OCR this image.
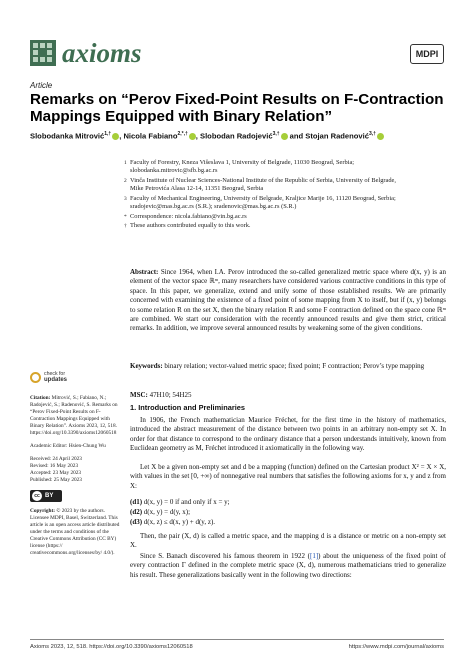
axioms	MDPI
Article
Remarks on “Perov Fixed-Point Results on F-Contraction Mappings Equipped with Binary Relation”
Slobodanka Mitrović$^{1,\dagger}$ , Nicola Fabiano$^{2,*,\dagger}$ , Slobodan Radojević$^{3,\dagger}$ and Stojan Radenović$^{3,\dagger}$
1 Faculty of Forestry, Kneza Višeslava 1, University of Belgrade, 11030 Beograd, Serbia;
slobodanka.mitrovic@sfb.bg.ac.rs
2 Vinča Institute of Nuclear Sciences-National Institute of the Republic of Serbia, University of Belgrade,
Mike Petrovića Alasa 12-14, 11351 Beograd, Serbia
3 Faculty of Mechanical Engineering, University of Belgrade, Kraljice Marije 16, 11120 Beograd, Serbia;
sradojevic@mas.bg.ac.rs (S.R.); sradenovic@mas.bg.ac.rs (S.R.)
* Correspondence: nicola.fabiano@vin.bg.ac.rs
† These authors contributed equally to this work.
Abstract: Since 1964, when I.A. Perov introduced the so-called generalized metric space where d(x, y) is an element of the vector space ℝᵐ, many researchers have considered various contractive conditions in this type of space. In this paper, we generalize, extend and unify some of those established results. We are primarily concerned with examining the existence of a fixed point of some mapping from X to itself, but if (x, y) belongs to some relation R on the set X, then the binary relation R and some F contraction defined on the space cone ℝᵐ are combined. We start our consideration with the recently announced results and give them strict, critical remarks. In addition, we improve several announced results by weakening some of the given conditions.
Keywords: binary relation; vector-valued metric space; fixed point; F contraction; Perov’s type mapping
MSC: 47H10; 54H25
check for
updates
Citation: Mitrović, S.; Fabiano, N.; Radojević, S.; Radenović, S. Remarks on “Perov Fixed-Point Results on F-Contraction Mappings Equipped with Binary Relation”. Axioms 2023, 12, 518. https://doi.org/10.3390/axioms12060518
Academic Editor: Hsien-Chung Wu
Received: 24 April 2023
Revised: 16 May 2023
Accepted: 23 May 2023
Published: 25 May 2023
cc BY
Copyright: © 2023 by the authors. Licensee MDPI, Basel, Switzerland. This article is an open access article distributed under the terms and conditions of the Creative Commons Attribution (CC BY) license (https:// creativecommons.org/licenses/by/ 4.0/).
1. Introduction and Preliminaries

In 1906, the French mathematician Maurice Fréchet, for the first time in the history of mathematics, introduced the abstract measurement of the distance between two points in an arbitrary non-empty set X. In order for that distance to correspond to the ordinary distance that a person understands intuitively, known from Euclidean geometry as M, Fréchet introduced it axiomatically in the following way.

Let X be a given non-empty set and d be a mapping (function) defined on the Cartesian product X² = X × X, with values in the set [0, +∞) of nonnegative real numbers that satisfies the following axioms for x, y and z from X:

(d1) d(x, y) = 0 if and only if x = y;
(d2) d(x, y) = d(y, x);
(d3) d(x, z) ≤ d(x, y) + d(y, z).

Then, the pair (X, d) is called a metric space, and the mapping d is a distance or metric on a non-empty set X.

Since S. Banach discovered his famous theorem in 1922 ([1]) about the uniqueness of the fixed point of every contraction Γ defined in the complete metric space (X, d), numerous mathematicians tried to generalize his result. These generalizations basically went in the following two directions:

Axioms 2023, 12, 518. https://doi.org/10.3390/axioms12060518	https://www.mdpi.com/journal/axioms
